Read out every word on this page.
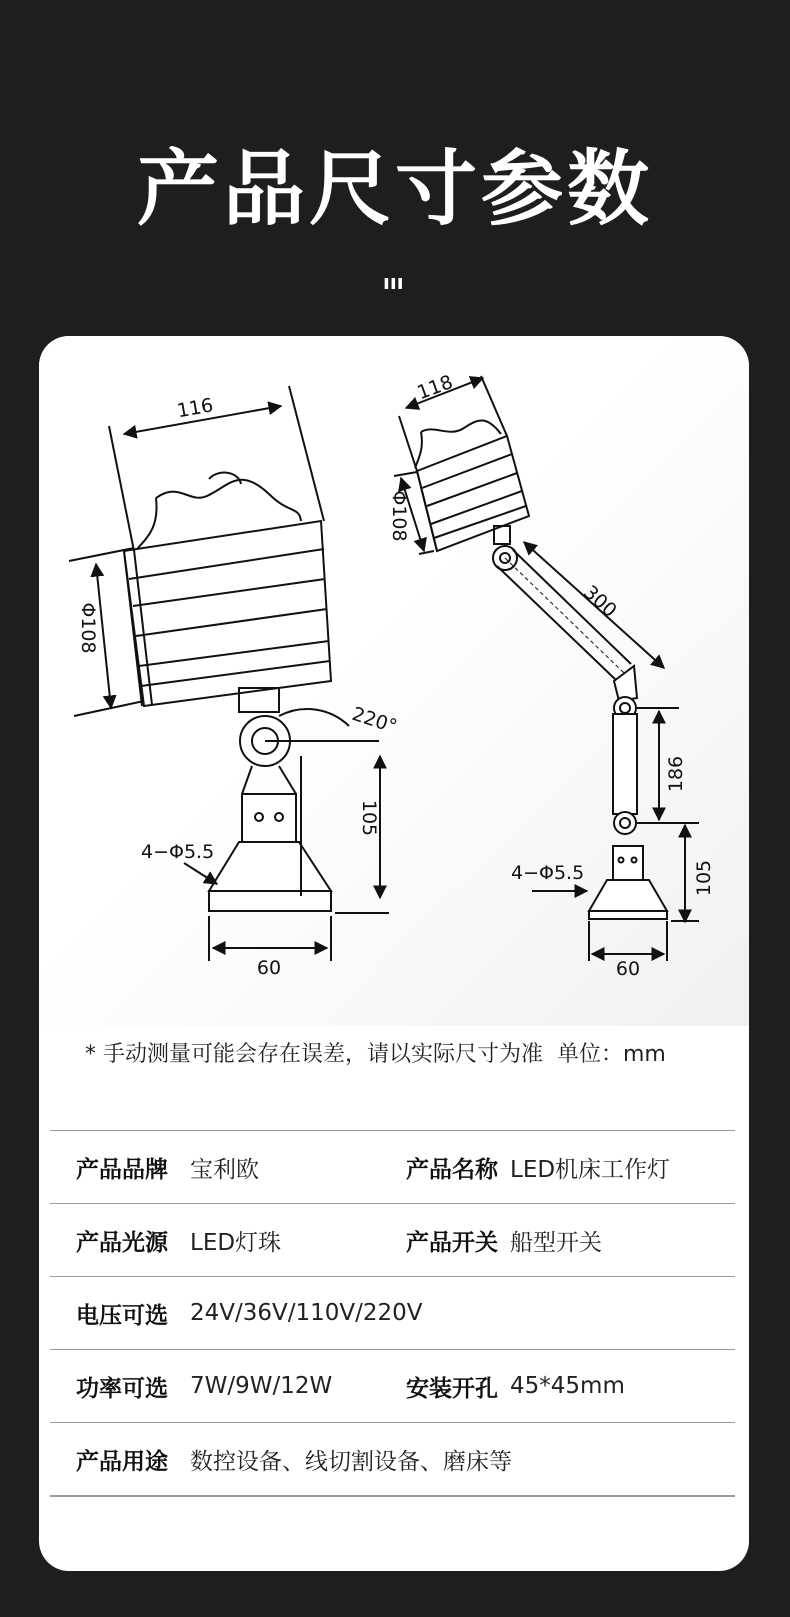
产品尺寸参数
ııı
116
Φ108
220°
105
4−Φ5.5
60
118
Φ108
300
186
105
4−Φ5.5
60
* 手动测量可能会存在误差，请以实际尺寸为准 单位：mm
产品品牌 宝利欧	产品名称 LED机床工作灯
产品光源 LED灯珠	产品开关 船型开关
电压可选 24V/36V/110V/220V
功率可选 7W/9W/12W	安装开孔 45*45mm
产品用途 数控设备、线切割设备、磨床等
